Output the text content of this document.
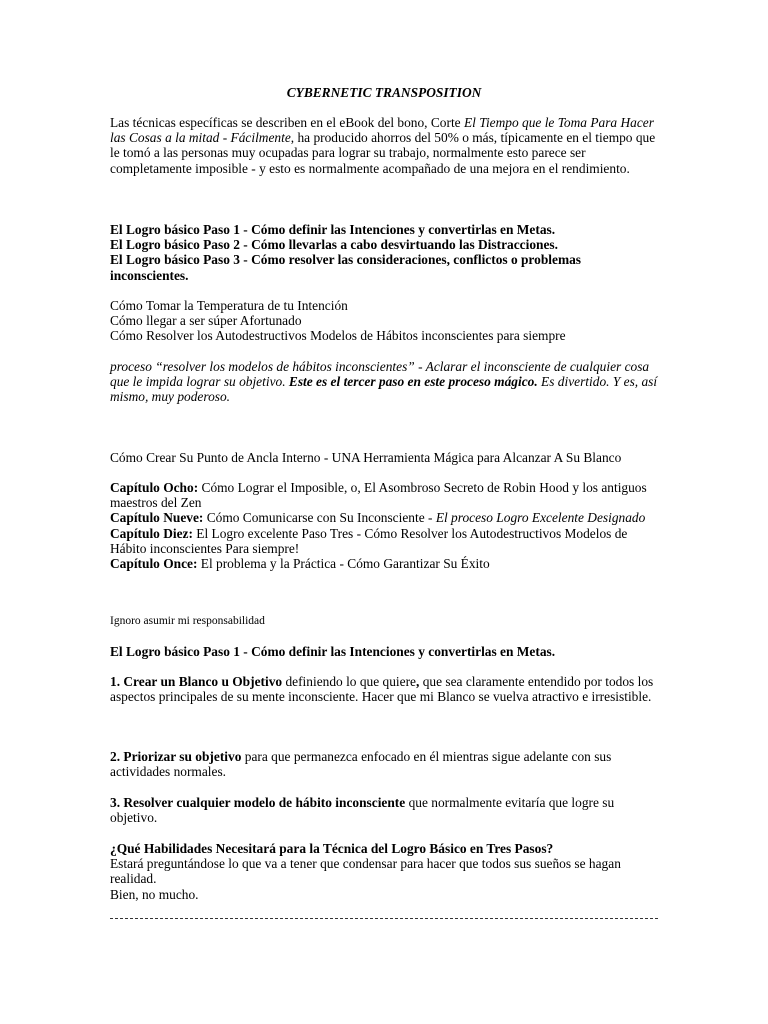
CYBERNETIC TRANSPOSITION

Las técnicas específicas se describen en el eBook del bono, Corte El Tiempo que le Toma Para Hacer las Cosas a la mitad - Fácilmente, ha producido ahorros del 50% o más, típicamente en el tiempo que le tomó a las personas muy ocupadas para lograr su trabajo, normalmente esto parece ser completamente imposible - y esto es normalmente acompañado de una mejora en el rendimiento.

El Logro básico Paso 1 - Cómo definir las Intenciones y convertirlas en Metas.
El Logro básico Paso 2 - Cómo llevarlas a cabo desvirtuando las Distracciones.
El Logro básico Paso 3 - Cómo resolver las consideraciones, conflictos o problemas inconscientes.

Cómo Tomar la Temperatura de tu Intención
Cómo llegar a ser súper Afortunado
Cómo Resolver los Autodestructivos Modelos de Hábitos inconscientes para siempre

proceso “resolver los modelos de hábitos inconscientes” - Aclarar el inconsciente de cualquier cosa que le impida lograr su objetivo. Este es el tercer paso en este proceso mágico. Es divertido. Y es, así mismo, muy poderoso.

Cómo Crear Su Punto de Ancla Interno - UNA Herramienta Mágica para Alcanzar A Su Blanco

Capítulo Ocho: Cómo Lograr el Imposible, o, El Asombroso Secreto de Robin Hood y los antiguos maestros del Zen
Capítulo Nueve: Cómo Comunicarse con Su Inconsciente - El proceso Logro Excelente Designado
Capítulo Diez: El Logro excelente Paso Tres - Cómo Resolver los Autodestructivos Modelos de Hábito inconscientes Para siempre!
Capítulo Once: El problema y la Práctica - Cómo Garantizar Su Éxito

Ignoro asumir mi responsabilidad

El Logro básico Paso 1 - Cómo definir las Intenciones y convertirlas en Metas.

1. Crear un Blanco u Objetivo definiendo lo que quiere, que sea claramente entendido por todos los aspectos principales de su mente inconsciente. Hacer que mi Blanco se vuelva atractivo e irresistible.

2. Priorizar su objetivo para que permanezca enfocado en él mientras sigue adelante con sus actividades normales.

3. Resolver cualquier modelo de hábito inconsciente que normalmente evitaría que logre su objetivo.

¿Qué Habilidades Necesitará para la Técnica del Logro Básico en Tres Pasos?
Estará preguntándose lo que va a tener que condensar para hacer que todos sus sueños se hagan realidad.
Bien, no mucho.
